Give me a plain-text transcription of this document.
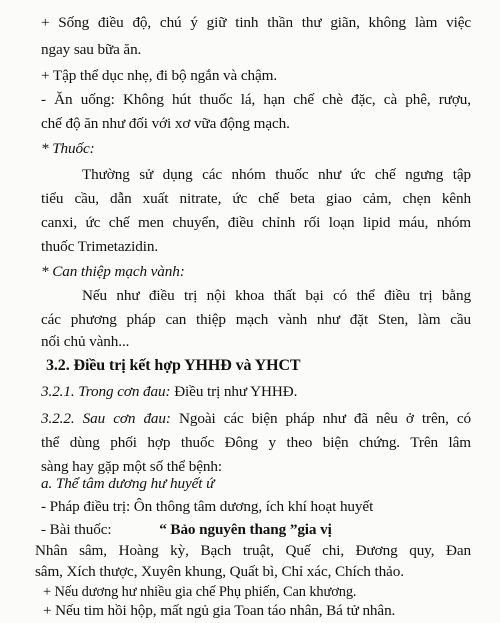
+ Sống điều độ, chú ý giữ tinh thần thư giãn, không làm việc
ngay sau bữa ăn.
+ Tập thể dục nhẹ, đi bộ ngắn và chậm.
- Ăn uống: Không hút thuốc lá, hạn chế chè đặc, cà phê, rượu,
chế độ ăn như đối với xơ vữa động mạch.
* Thuốc:
Thường sử dụng các nhóm thuốc như ức chế ngưng tập
tiểu cầu, dẫn xuất nitrate, ức chế beta giao cảm, chẹn kênh
canxi, ức chế men chuyển, điều chỉnh rối loạn lipid máu, nhóm
thuốc Trimetazidin.
* Can thiệp mạch vành:
Nếu như điều trị nội khoa thất bại có thể điều trị bằng
các phương pháp can thiệp mạch vành như đặt Sten, làm cầu
nối chủ vành...
3.2. Điều trị kết hợp YHHĐ và YHCT
3.2.1. Trong cơn đau: Điều trị như YHHĐ.
3.2.2. Sau cơn đau: Ngoài các biện pháp như đã nêu ở trên, có
thể dùng phối hợp thuốc Đông y theo biện chứng. Trên lâm
sàng hay gặp một số thể bệnh:
a. Thể tâm dương hư huyết ứ
- Pháp điều trị: Ôn thông tâm dương, ích khí hoạt huyết
- Bài thuốc:	“ Bảo nguyên thang ”gia vị
Nhân sâm, Hoàng kỳ, Bạch truật, Quế chi, Đương quy, Đan
sâm, Xích thược, Xuyên khung, Quất bì, Chỉ xác, Chích thảo.
+ Nếu dương hư nhiều gia chế Phụ phiến, Can khương.
+ Nếu tim hồi hộp, mất ngủ gia Toan táo nhân, Bá tử nhân.
